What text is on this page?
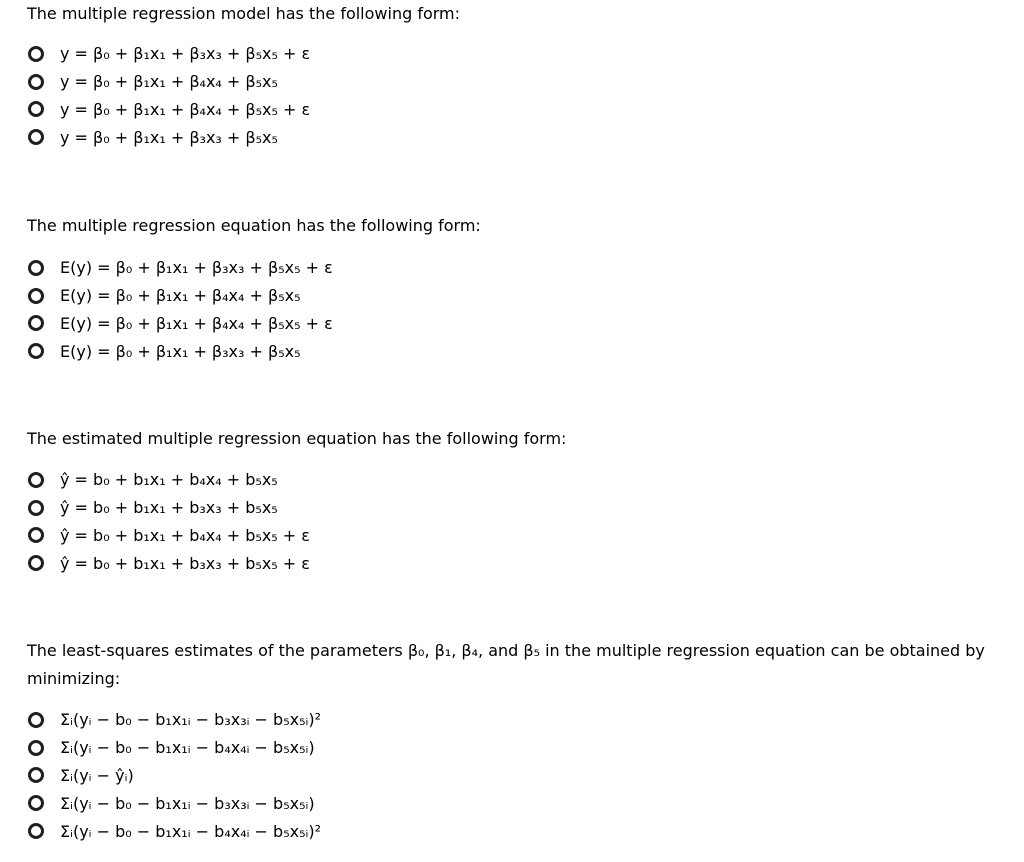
The multiple regression model has the following form:

y = β₀ + β₁x₁ + β₃x₃ + β₅x₅ + ε
y = β₀ + β₁x₁ + β₄x₄ + β₅x₅
y = β₀ + β₁x₁ + β₄x₄ + β₅x₅ + ε
y = β₀ + β₁x₁ + β₃x₃ + β₅x₅

The multiple regression equation has the following form:

E(y) = β₀ + β₁x₁ + β₃x₃ + β₅x₅ + ε
E(y) = β₀ + β₁x₁ + β₄x₄ + β₅x₅
E(y) = β₀ + β₁x₁ + β₄x₄ + β₅x₅ + ε
E(y) = β₀ + β₁x₁ + β₃x₃ + β₅x₅

The estimated multiple regression equation has the following form:

ŷ = b₀ + b₁x₁ + b₄x₄ + b₅x₅
ŷ = b₀ + b₁x₁ + b₃x₃ + b₅x₅
ŷ = b₀ + b₁x₁ + b₄x₄ + b₅x₅ + ε
ŷ = b₀ + b₁x₁ + b₃x₃ + b₅x₅ + ε

The least-squares estimates of the parameters β₀, β₁, β₄, and β₅ in the multiple regression equation can be obtained by minimizing:

Σᵢ(yᵢ − b₀ − b₁x₁ᵢ − b₃x₃ᵢ − b₅x₅ᵢ)²
Σᵢ(yᵢ − b₀ − b₁x₁ᵢ − b₄x₄ᵢ − b₅x₅ᵢ)
Σᵢ(yᵢ − ŷᵢ)
Σᵢ(yᵢ − b₀ − b₁x₁ᵢ − b₃x₃ᵢ − b₅x₅ᵢ)
Σᵢ(yᵢ − b₀ − b₁x₁ᵢ − b₄x₄ᵢ − b₅x₅ᵢ)²
